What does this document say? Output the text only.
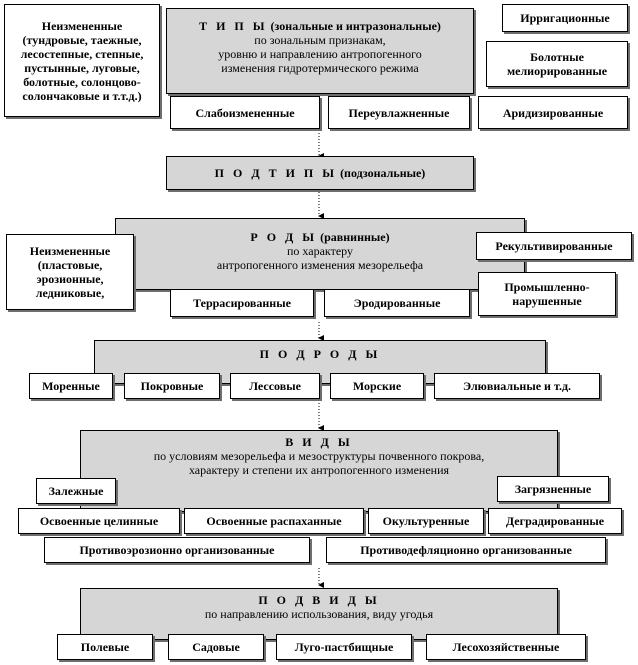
Т И П Ы (зональные и интразональные)
по зональным признакам,
уровню и направлению антропогенного
изменения гидротермического режима
Неизмененные (тундровые, таежные, лесостепные, степные, пустынные, луговые, болотные, солонцово-солончаковые и т.т.д.)
Ирригационные
Болотные мелиорированные
Слабоизмененные	Переувлажненные	Аридизированные
П О Д Т И П Ы
(подзональные)
Р О Д Ы (равнинные)
по характеру
антропогенного изменения мезорельефа
Неизмененные (пластовые, эрозионные, ледниковые,
Рекультивированные
Промышленно-нарушенные
Террасированные	Эродированные
П О Д Р О Д Ы
Моренные	Покровные	Лессовые	Морские	Элювиальные и т.д.
В И Д Ы
по условиям мезорельефа и мезоструктуры почвенного покрова,
характеру и степени их антропогенного изменения
Залежные	Загрязненные
Освоенные целинные	Освоенные распаханные	Окультуренные	Деградированные
Противоэрозионно организованные	Противодефляционно организованные
П О Д В И Д Ы
по направлению использования, виду угодья
Полевые	Садовые	Луго-пастбищные	Лесохозяйственные
